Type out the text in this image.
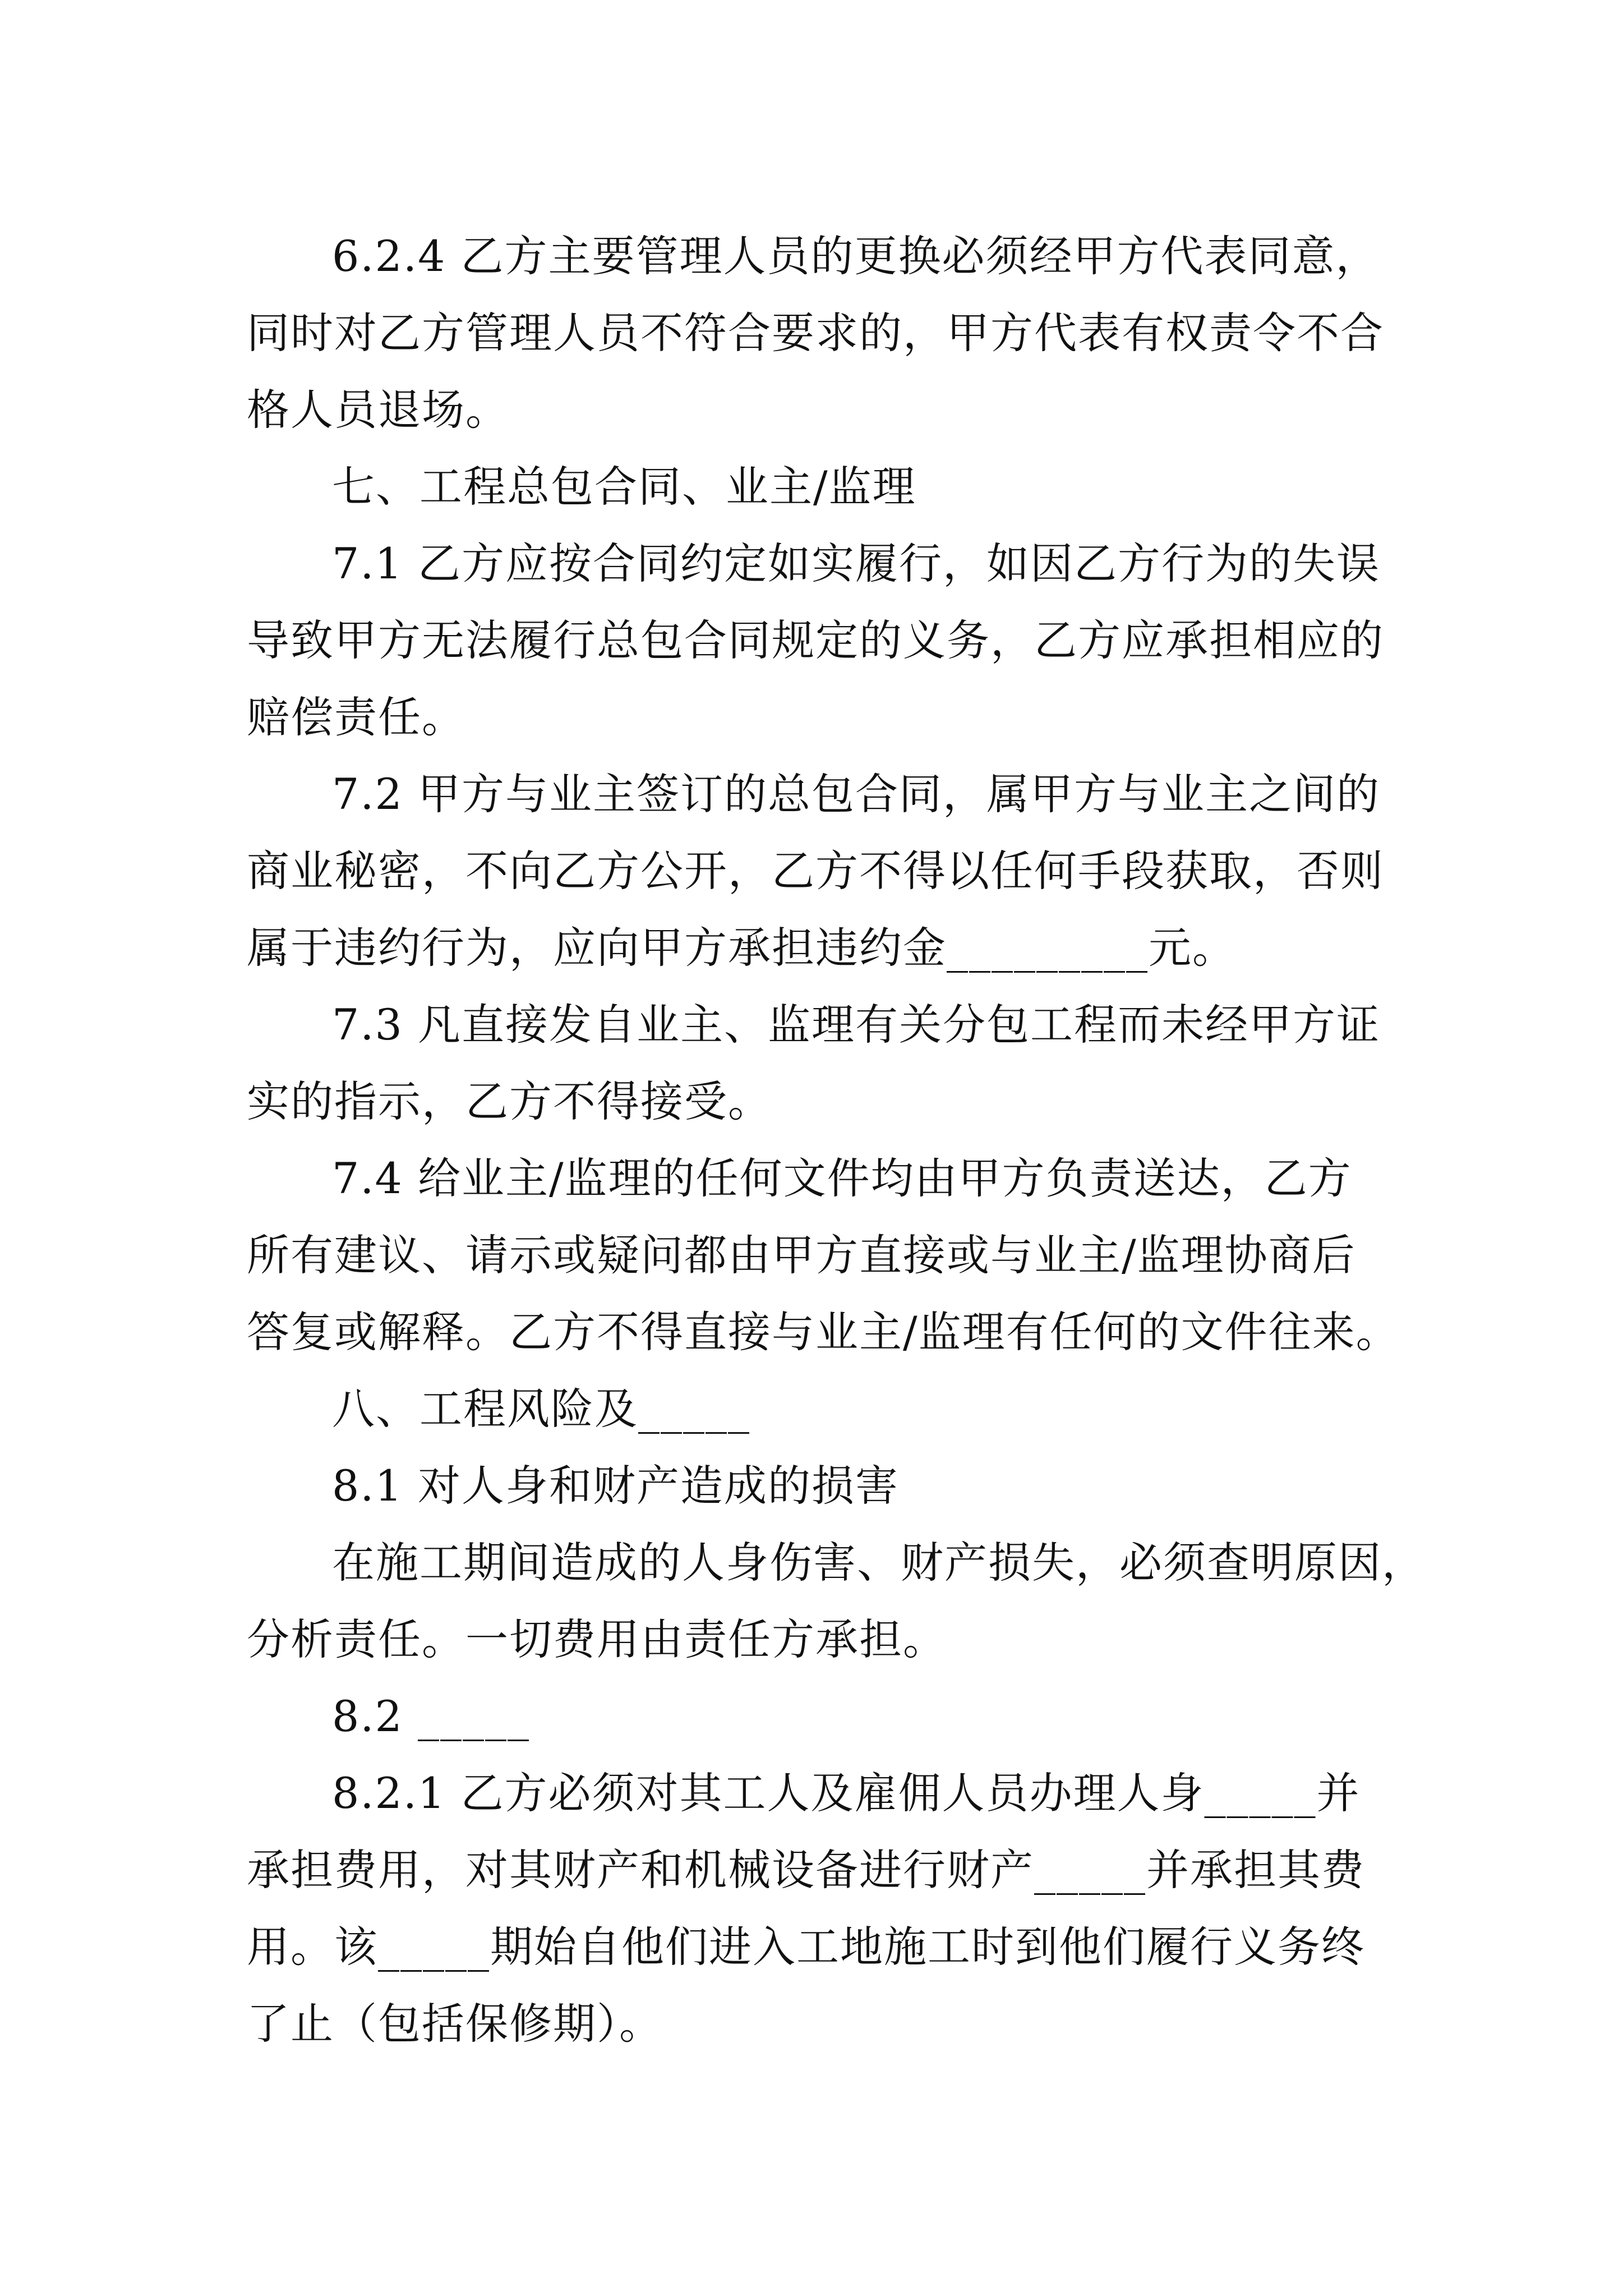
6.2.4 乙方主要管理人员的更换必须经甲方代表同意，
同时对乙方管理人员不符合要求的，甲方代表有权责令不合
格人员退场。

七、工程总包合同、业主/监理

7.1 乙方应按合同约定如实履行，如因乙方行为的失误
导致甲方无法履行总包合同规定的义务，乙方应承担相应的
赔偿责任。

7.2 甲方与业主签订的总包合同，属甲方与业主之间的
商业秘密，不向乙方公开，乙方不得以任何手段获取，否则
属于违约行为，应向甲方承担违约金_________元。

7.3 凡直接发自业主、监理有关分包工程而未经甲方证
实的指示，乙方不得接受。

7.4 给业主/监理的任何文件均由甲方负责送达，乙方
所有建议、请示或疑问都由甲方直接或与业主/监理协商后
答复或解释。乙方不得直接与业主/监理有任何的文件往来。

八、工程风险及_____

8.1 对人身和财产造成的损害

在施工期间造成的人身伤害、财产损失，必须查明原因，
分析责任。一切费用由责任方承担。

8.2 _____

8.2.1 乙方必须对其工人及雇佣人员办理人身_____并
承担费用，对其财产和机械设备进行财产_____并承担其费
用。该_____期始自他们进入工地施工时到他们履行义务终
了止（包括保修期）。
